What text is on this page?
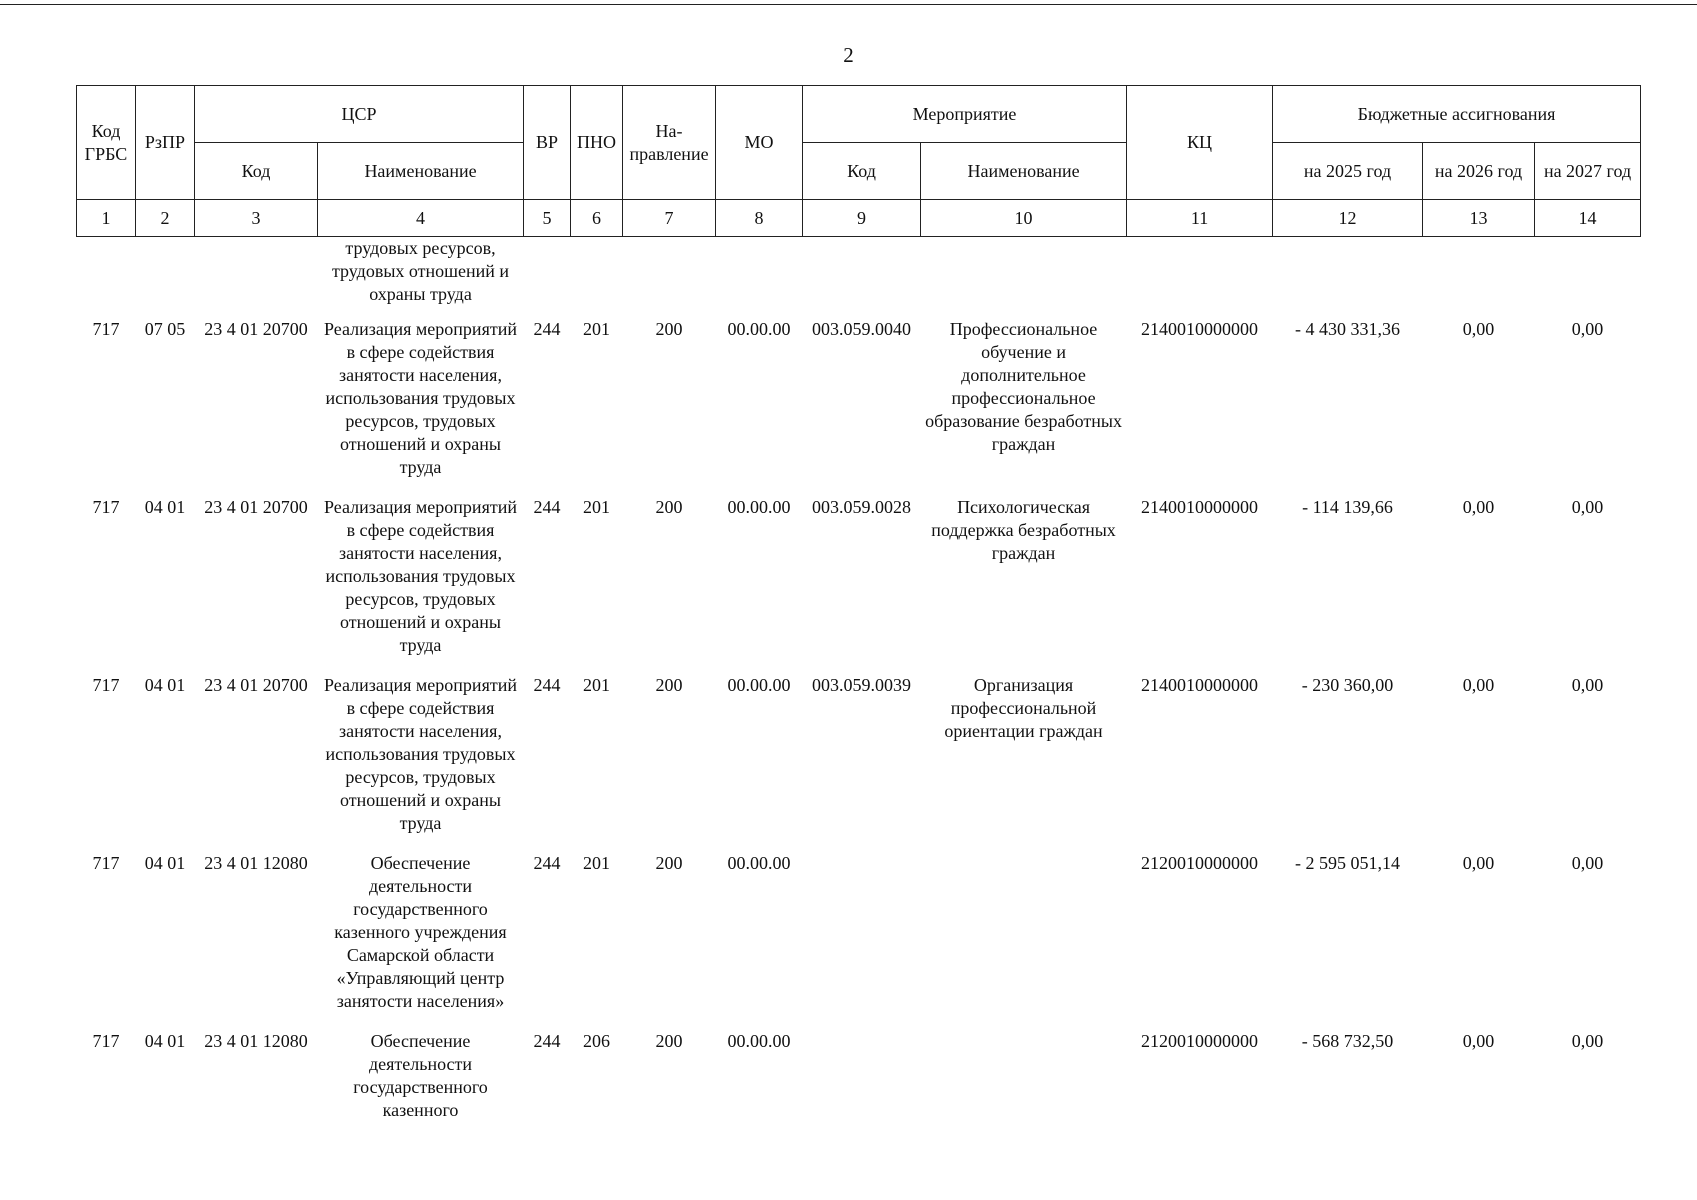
2
Код ГРБС	РзПР	ЦСР		ВР	ПНО	На-правление	МО	Мероприятие		КЦ	Бюджетные ассигнования		
		Код	Наименование					Код	Наименование		на 2025 год	на 2026 год	на 2027 год
1	2	3	4	5	6	7	8	9	10	11	12	13	14
			трудовых ресурсов, трудовых отношений и охраны труда										
717	07 05	23 4 01 20700	Реализация мероприятий в сфере содействия занятости населения, использования трудовых ресурсов, трудовых отношений и охраны труда	244	201	200	00.00.00	003.059.0040	Профессиональное обучение и дополнительное профессиональное образование безработных граждан	2140010000000	- 4 430 331,36	0,00	0,00
717	04 01	23 4 01 20700	Реализация мероприятий в сфере содействия занятости населения, использования трудовых ресурсов, трудовых отношений и охраны труда	244	201	200	00.00.00	003.059.0028	Психологическая поддержка безработных граждан	2140010000000	- 114 139,66	0,00	0,00
717	04 01	23 4 01 20700	Реализация мероприятий в сфере содействия занятости населения, использования трудовых ресурсов, трудовых отношений и охраны труда	244	201	200	00.00.00	003.059.0039	Организация профессиональной ориентации граждан	2140010000000	- 230 360,00	0,00	0,00
717	04 01	23 4 01 12080	Обеспечение деятельности государственного казенного учреждения Самарской области «Управляющий центр занятости населения»	244	201	200	00.00.00			2120010000000	- 2 595 051,14	0,00	0,00
717	04 01	23 4 01 12080	Обеспечение деятельности государственного казенного	244	206	200	00.00.00			2120010000000	- 568 732,50	0,00	0,00
